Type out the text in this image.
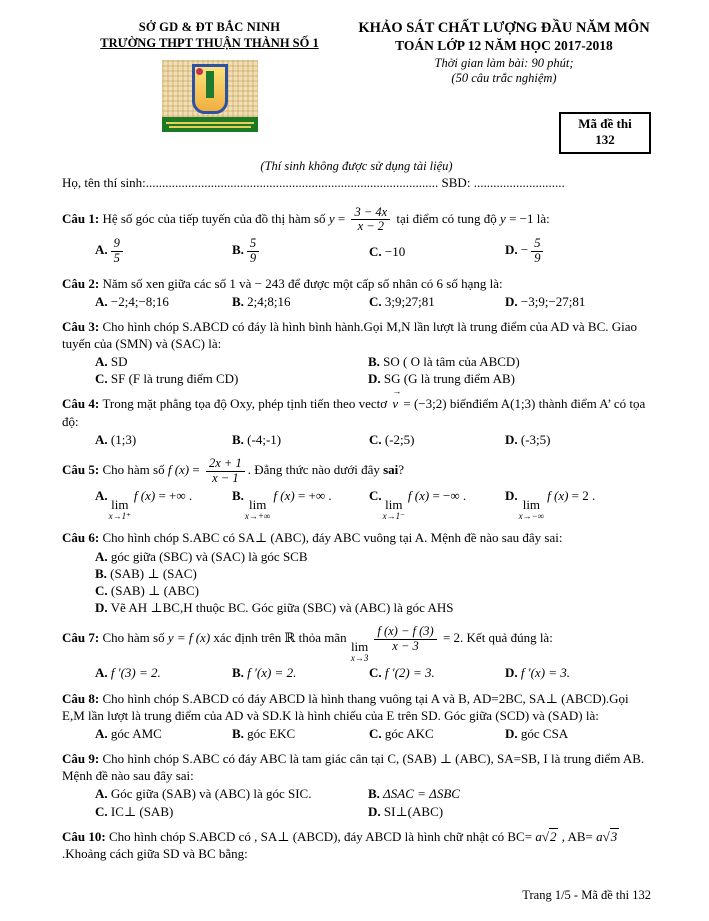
SỞ GD & ĐT BẮC NINH
TRƯỜNG THPT THUẬN THÀNH SỐ 1
KHẢO SÁT CHẤT LƯỢNG ĐẦU NĂM MÔN
TOÁN LỚP 12 NĂM HỌC 2017-2018
Thời gian làm bài: 90 phút;
(50 câu trắc nghiệm)
Mã đề thi
132
(Thí sinh không được sử dụng tài liệu)
Họ, tên thí sinh:.......................................................................................... SBD: ............................
Câu 1: Hệ số góc của tiếp tuyến của đồ thị hàm số $y = \frac{3 - 4x}{x - 2}$ tại điểm có tung độ y = −1 là:
A. $\frac{9}{5}$	B. $\frac{5}{9}$	C. −10	D. − $\frac{5}{9}$
Câu 2: Năm số xen giữa các số 1 và − 243 để được một cấp số nhân có 6 số hạng là:
A. −2;4;−8;16	B. 2;4;8;16	C. 3;9;27;81	D. −3;9;−27;81
Câu 3: Cho hình chóp S.ABCD có đáy là hình bình hành.Gọi M,N lần lượt là trung điểm của AD và BC. Giao tuyến của (SMN) và (SAC) là:
A. SD	B. SO ( O là tâm của ABCD)
C. SF (F là trung điểm CD)	D. SG (G là trung điểm AB)
Câu 4: Trong mặt phẳng tọa độ Oxy, phép tịnh tiến theo vectơ → v = (−3;2) biếnđiểm A(1;3) thành điểm A’ có tọa độ:
A. (1;3)	B. (-4;-1)	C. (-2;5)	D. (-3;5)
Câu 5: Cho hàm số f $(x) = \frac{2x + 1}{x - 1}$ . Đẳng thức nào dưới đây sai?
A.
lim
x→1⁺
f (x) = +∞ .	B.
lim
x→+∞
f (x) = +∞ .	C.
lim
x→1⁻
f (x) = −∞ .	D.
lim
x→−∞
f (x) = 2 .
Câu 6: Cho hình chóp S.ABC có SA⊥ (ABC), đáy ABC vuông tại A. Mệnh đề nào sau đây sai:
A. góc giữa (SBC) và (SAC) là góc SCB
B. (SAB) ⊥ (SAC)
C. (SAB) ⊥ (ABC)
D. Vẽ AH ⊥BC,H thuộc BC. Góc giữa (SBC) và (ABC) là góc AHS
Câu 7: Cho hàm số y = f (x) xác định trên ℝ thỏa mãn
lim
x→3
$\frac{f (x) - f (3)}{x - 3} = 2$. Kết quả đúng là:
A. f ′(3) = 2.	B. f ′(x) = 2.	C. f ′(2) = 3.	D. f ′(x) = 3.
Câu 8: Cho hình chóp S.ABCD có đáy ABCD là hình thang vuông tại A và B, AD=2BC, SA⊥ (ABCD).Gọi E,M lần lượt là trung điểm của AD và SD.K là hình chiếu của E trên SD. Góc giữa (SCD) và (SAD) là:
A. góc AMC	B. góc EKC	C. góc AKC	D. góc CSA
Câu 9: Cho hình chóp S.ABC có đáy ABC là tam giác cân tại C, (SAB) ⊥ (ABC), SA=SB, I là trung điểm AB. Mệnh đề nào sau đây sai:
A. Góc giữa (SAB) và (ABC) là góc SIC.	B. ΔSAC = ΔSBC
C. IC⊥ (SAB)	D. SI⊥(ABC)
Câu 10: Cho hình chóp S.ABCD có , SA⊥ (ABCD), đáy ABCD là hình chữ nhật có BC= a√2 , AB= a√3 .Khoảng cách giữa SD và BC bằng:
Trang 1/5 - Mã đề thi 132
